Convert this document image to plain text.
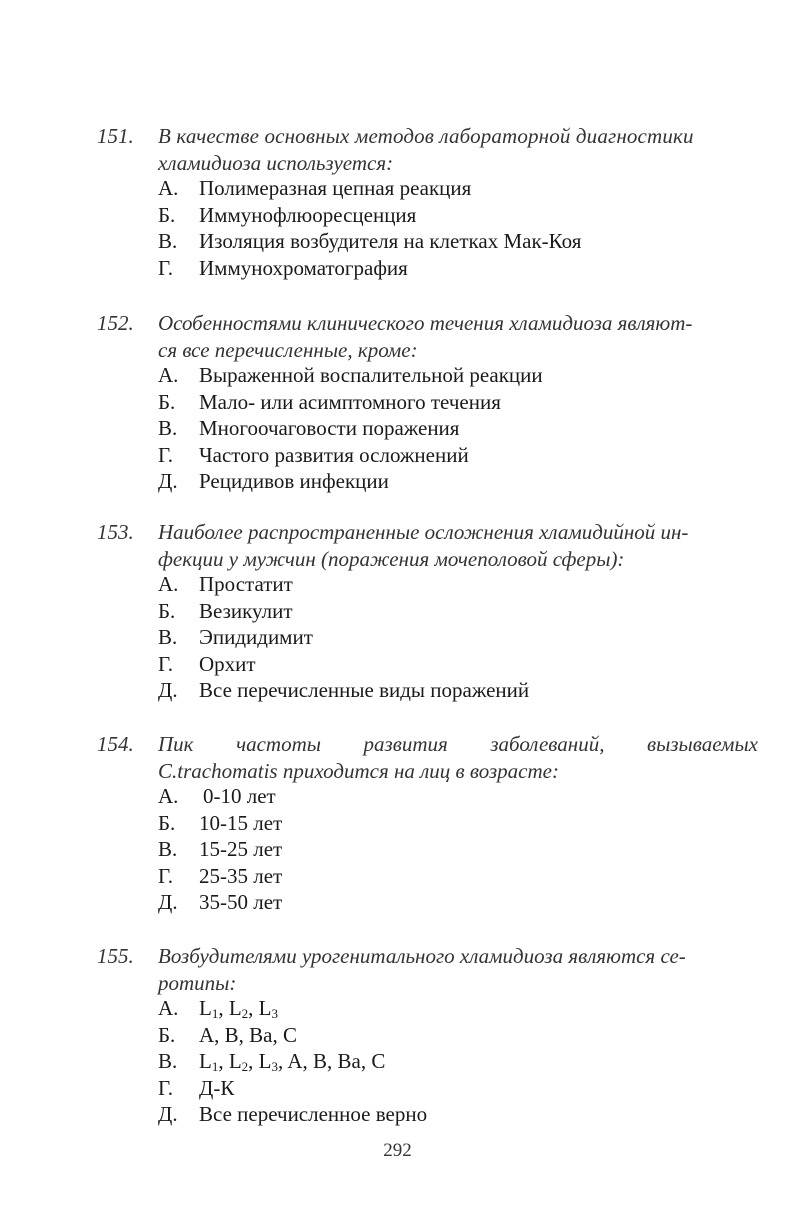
151. В качестве основных методов лабораторной диагностики
хламидиоза используется:
А. Полимеразная цепная реакция
Б.	Иммунофлюоресценция
В.	Изоляция возбудителя на клетках Мак-Коя
Г.	Иммунохроматография
152. Особенностями клинического течения хламидиоза являют-
ся все перечисленные, кроме:
А. Выраженной воспалительной реакции
Б.	Мало- или асимптомного течения
В.	Многоочаговости поражения
Г.	Частого развития осложнений
Д.	Рецидивов инфекции
153. Наиболее распространенные осложнения хламидийной ин-
фекции у мужчин (поражения мочеполовой сферы):
А. Простатит
Б.	Везикулит
В.	Эпидидимит
Г.	Орхит
Д.	Все перечисленные виды поражений
154. Пик частоты развития заболеваний, вызываемых
C.trachomatis приходится на лиц в возрасте:
А.	0-10 лет
Б.	10-15 лет
В.	15-25 лет
Г.	25-35 лет
Д.	35-50 лет
155. Возбудителями урогенитального хламидиоза являются се-
ротипы:
А. $L_1$, $L_2$, $L_3$
Б.	A, B, Ba, C
В.	$L_1$, $L_2$, $L_3$, A, B, Ba, C
Г.	Д-К
Д.	Все перечисленное верно
292
